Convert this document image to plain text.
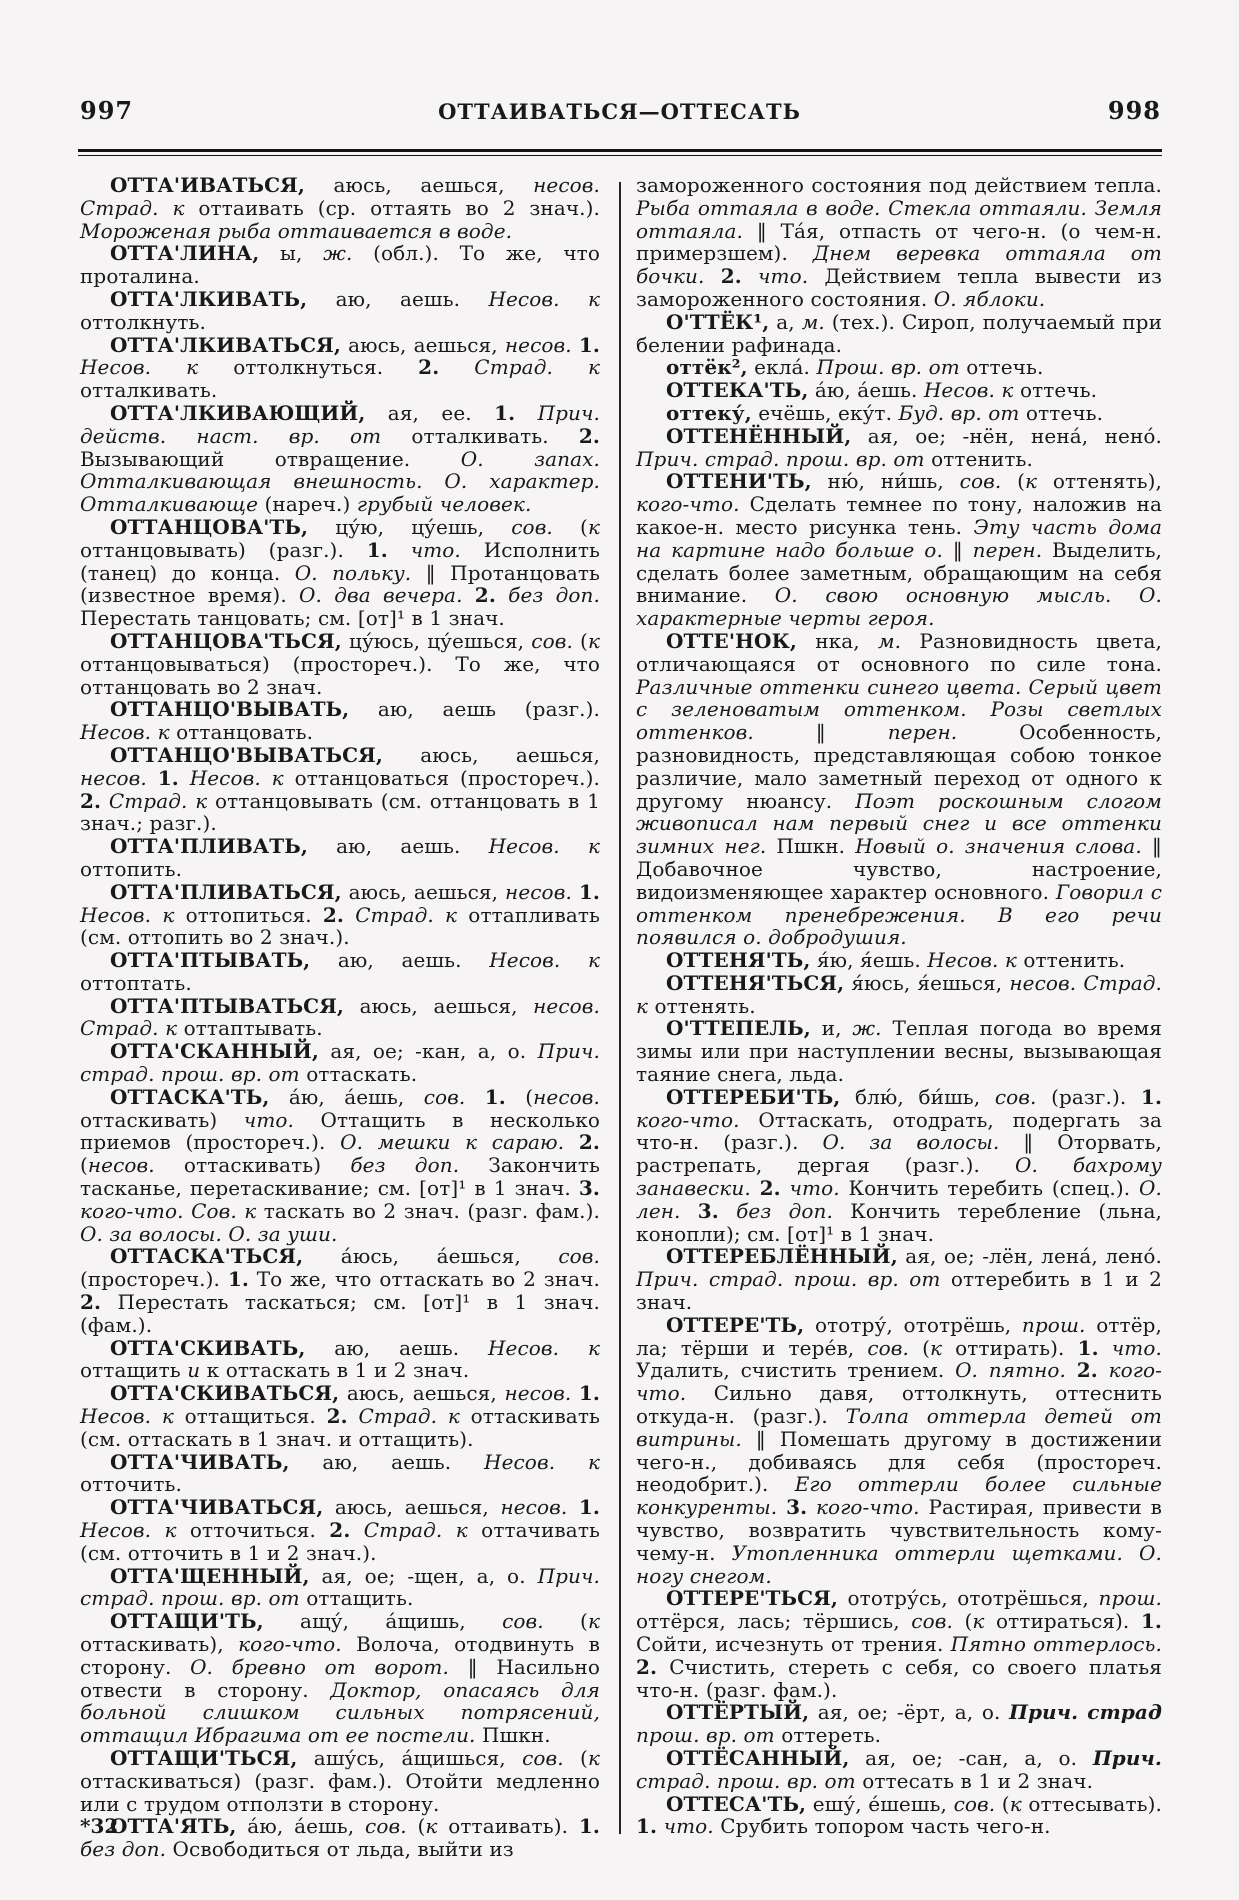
997	ОТТАИВАТЬСЯ—ОТТЕСАТЬ	998

ОТТА'ИВАТЬСЯ, аюсь, аешься, несов. Страд. к оттаивать (ср. оттаять во 2 знач.). Мороженая рыба оттаивается в воде.

ОТТА'ЛИНА, ы, ж. (обл.). То же, что проталина.

ОТТА'ЛКИВАТЬ, аю, аешь. Несов. к оттолкнуть.

ОТТА'ЛКИВАТЬСЯ, аюсь, аешься, несов. 1. Несов. к оттолкнуться. 2. Страд. к отталкивать.

ОТТА'ЛКИВАЮЩИЙ, ая, ее. 1. Прич. действ. наст. вр. от отталкивать. 2. Вызывающий отвращение. О. запах. Отталкивающая внешность. О. характер. Отталкивающе (нареч.) грубый человек.

ОТТАНЦОВА'ТЬ, цу́ю, цу́ешь, сов. (к оттанцовывать) (разг.). 1. что. Исполнить (танец) до конца. О. польку. ‖ Протанцовать (известное время). О. два вечера. 2. без доп. Перестать танцовать; см. [от]¹ в 1 знач.

ОТТАНЦОВА'ТЬСЯ, цу́юсь, цу́ешься, сов. (к оттанцовываться) (простореч.). То же, что оттанцовать во 2 знач.

ОТТАНЦО'ВЫВАТЬ, аю, аешь (разг.). Несов. к оттанцовать.

ОТТАНЦО'ВЫВАТЬСЯ, аюсь, аешься, несов. 1. Несов. к оттанцоваться (простореч.). 2. Страд. к оттанцовывать (см. оттанцовать в 1 знач.; разг.).

ОТТА'ПЛИВАТЬ, аю, аешь. Несов. к оттопить.

ОТТА'ПЛИВАТЬСЯ, аюсь, аешься, несов. 1. Несов. к оттопиться. 2. Страд. к оттапливать (см. оттопить во 2 знач.).

ОТТА'ПТЫВАТЬ, аю, аешь. Несов. к оттоптать.

ОТТА'ПТЫВАТЬСЯ, аюсь, аешься, несов. Страд. к оттаптывать.

ОТТА'СКАННЫЙ, ая, ое; -кан, а, о. Прич. страд. прош. вр. от оттаскать.

ОТТАСКА'ТЬ, а́ю, а́ешь, сов. 1. (несов. оттаскивать) что. Оттащить в несколько приемов (простореч.). О. мешки к сараю. 2. (несов. оттаскивать) без доп. Закончить тасканье, перетаскивание; см. [от]¹ в 1 знач. 3. кого-что. Сов. к таскать во 2 знач. (разг. фам.). О. за волосы. О. за уши.

ОТТАСКА'ТЬСЯ, а́юсь, а́ешься, сов. (простореч.). 1. То же, что оттаскать во 2 знач. 2. Перестать таскаться; см. [от]¹ в 1 знач. (фам.).

ОТТА'СКИВАТЬ, аю, аешь. Несов. к оттащить и к оттаскать в 1 и 2 знач.

ОТТА'СКИВАТЬСЯ, аюсь, аешься, несов. 1. Несов. к оттащиться. 2. Страд. к оттаскивать (см. оттаскать в 1 знач. и оттащить).

ОТТА'ЧИВАТЬ, аю, аешь. Несов. к отточить.

ОТТА'ЧИВАТЬСЯ, аюсь, аешься, несов. 1. Несов. к отточиться. 2. Страд. к оттачивать (см. отточить в 1 и 2 знач.).

ОТТА'ЩЕННЫЙ, ая, ое; -щен, а, о. Прич. страд. прош. вр. от оттащить.

ОТТАЩИ'ТЬ, ащу́, а́щишь, сов. (к оттаскивать), кого-что. Волоча, отодвинуть в сторону. О. бревно от ворот. ‖ Насильно отвести в сторону. Доктор, опасаясь для больной слишком сильных потрясений, оттащил Ибрагима от ее постели. Пшкн.

ОТТАЩИ'ТЬСЯ, ашу́сь, а́щишься, сов. (к оттаскиваться) (разг. фам.). Отойти медленно или с трудом отползти в сторону.

ОТТА'ЯТЬ, а́ю, а́ешь, сов. (к оттаивать). 1. без доп. Освободиться от льда, выйти из

замороженного состояния под действием тепла. Рыба оттаяла в воде. Стекла оттаяли. Земля оттаяла. ‖ Та́я, отпасть от чего-н. (о чем-н. примерзшем). Днем веревка оттаяла от бочки. 2. что. Действием тепла вывести из замороженного состояния. О. яблоки.

О'ТТЁК¹, а, м. (тех.). Сироп, получаемый при белении рафинада.

оттёк², екла́. Прош. вр. от оттечь.

ОТТЕКА'ТЬ, а́ю, а́ешь. Несов. к оттечь.

оттеку́, ечёшь, еку́т. Буд. вр. от оттечь.

ОТТЕНЁННЫЙ, ая, ое; -нён, нена́, нено́. Прич. страд. прош. вр. от оттенить.

ОТТЕНИ'ТЬ, ню́, ни́шь, сов. (к оттенять), кого-что. Сделать темнее по тону, наложив на какое-н. место рисунка тень. Эту часть дома на картине надо больше о. ‖ перен. Выделить, сделать более заметным, обращающим на себя внимание. О. свою основную мысль. О. характерные черты героя.

ОТТЕ'НОК, нка, м. Разновидность цвета, отличающаяся от основного по силе тона. Различные оттенки синего цвета. Серый цвет с зеленоватым оттенком. Розы светлых оттенков. ‖ перен. Особенность, разновидность, представляющая собою тонкое различие, мало заметный переход от одного к другому нюансу. Поэт роскошным слогом живописал нам первый снег и все оттенки зимних нег. Пшкн. Новый о. значения слова. ‖ Добавочное чувство, настроение, видоизменяющее характер основного. Говорил с оттенком пренебрежения. В его речи появился о. добродушия.

ОТТЕНЯ'ТЬ, я́ю, я́ешь. Несов. к оттенить.

ОТТЕНЯ'ТЬСЯ, я́юсь, я́ешься, несов. Страд. к оттенять.

О'ТТЕПЕЛЬ, и, ж. Теплая погода во время зимы или при наступлении весны, вызывающая таяние снега, льда.

ОТТЕРЕБИ'ТЬ, блю́, би́шь, сов. (разг.). 1. кого-что. Оттаскать, отодрать, подергать за что-н. (разг.). О. за волосы. ‖ Оторвать, растрепать, дергая (разг.). О. бахрому занавески. 2. что. Кончить теребить (спец.). О. лен. 3. без доп. Кончить теребление (льна, конопли); см. [от]¹ в 1 знач.

ОТТЕРЕБЛЁННЫЙ, ая, ое; -лён, лена́, лено́. Прич. страд. прош. вр. от оттеребить в 1 и 2 знач.

ОТТЕРЕ'ТЬ, ототру́, ототрёшь, прош. оттёр, ла; тёрши и тере́в, сов. (к оттирать). 1. что. Удалить, счистить трением. О. пятно. 2. кого-что. Сильно давя, оттолкнуть, оттеснить откуда-н. (разг.). Толпа оттерла детей от витрины. ‖ Помешать другому в достижении чего-н., добиваясь для себя (простореч. неодобрит.). Его оттерли более сильные конкуренты. 3. кого-что. Растирая, привести в чувство, возвратить чувствительность кому-чему-н. Утопленника оттерли щетками. О. ногу снегом.

ОТТЕРЕ'ТЬСЯ, ототру́сь, ототрёшься, прош. оттёрся, лась; тёршись, сов. (к оттираться). 1. Сойти, исчезнуть от трения. Пятно оттерлось. 2. Счистить, стереть с себя, со своего платья что-н. (разг. фам.).

ОТТЁРТЫЙ, ая, ое; -ёрт, а, о. Прич. страд прош. вр. от оттереть.

ОТТЁСАННЫЙ, ая, ое; -сан, а, о. Прич. страд. прош. вр. от оттесать в 1 и 2 знач.

ОТТЕСА'ТЬ, ешу́, е́шешь, сов. (к оттесывать). 1. что. Срубить топором часть чего-н.

*32
